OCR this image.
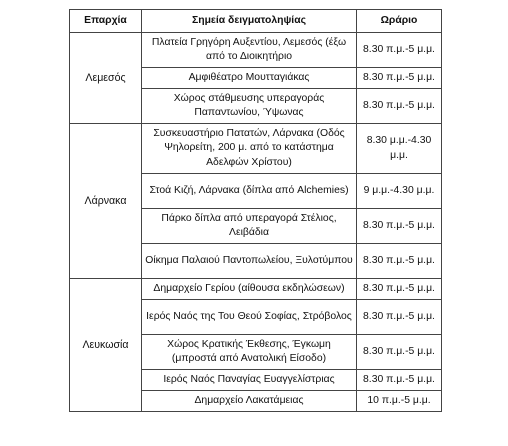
Επαρχία	Σημεία δειγματοληψίας	Ωράριο
Λεμεσός	Πλατεία Γρηγόρη Αυξεντίου, Λεμεσός (έξω από το Διοικητήριο	8.30 π.μ.-5 μ.μ.
	Αμφιθέατρο Μουτταγιάκας	8.30 π.μ.-5 μ.μ.
	Χώρος στάθμευσης υπεραγοράς Παπαντωνίου, Ύψωνας	8.30 π.μ.-5 μ.μ.
Λάρνακα	Συσκευαστήριο Πατατών, Λάρνακα (Οδός Ψηλορείτη, 200 μ. από το κατάστημα Αδελφών Χρίστου)	8.30 μ.μ.-4.30 μ.μ.
	Στοά Κιζή, Λάρνακα (δίπλα από Alchemies)	9 μ.μ.-4.30 μ.μ.
	Πάρκο δίπλα από υπεραγορά Στέλιος, Λειβάδια	8.30 π.μ.-5 μ.μ.
	Οίκημα Παλαιού Παντοπωλείου, Ξυλοτύμπου	8.30 π.μ.-5 μ.μ.
Λευκωσία	Δημαρχείο Γερίου (αίθουσα εκδηλώσεων)	8.30 π.μ.-5 μ.μ.
	Ιερός Ναός της Του Θεού Σοφίας, Στρόβολος	8.30 π.μ.-5 μ.μ.
	Χώρος Κρατικής Έκθεσης, Έγκωμη (μπροστά από Ανατολική Είσοδο)	8.30 π.μ.-5 μ.μ.
	Ιερός Ναός Παναγίας Ευαγγελίστριας	8.30 π.μ.-5 μ.μ.
	Δημαρχείο Λακατάμειας	10 π.μ.-5 μ.μ.
